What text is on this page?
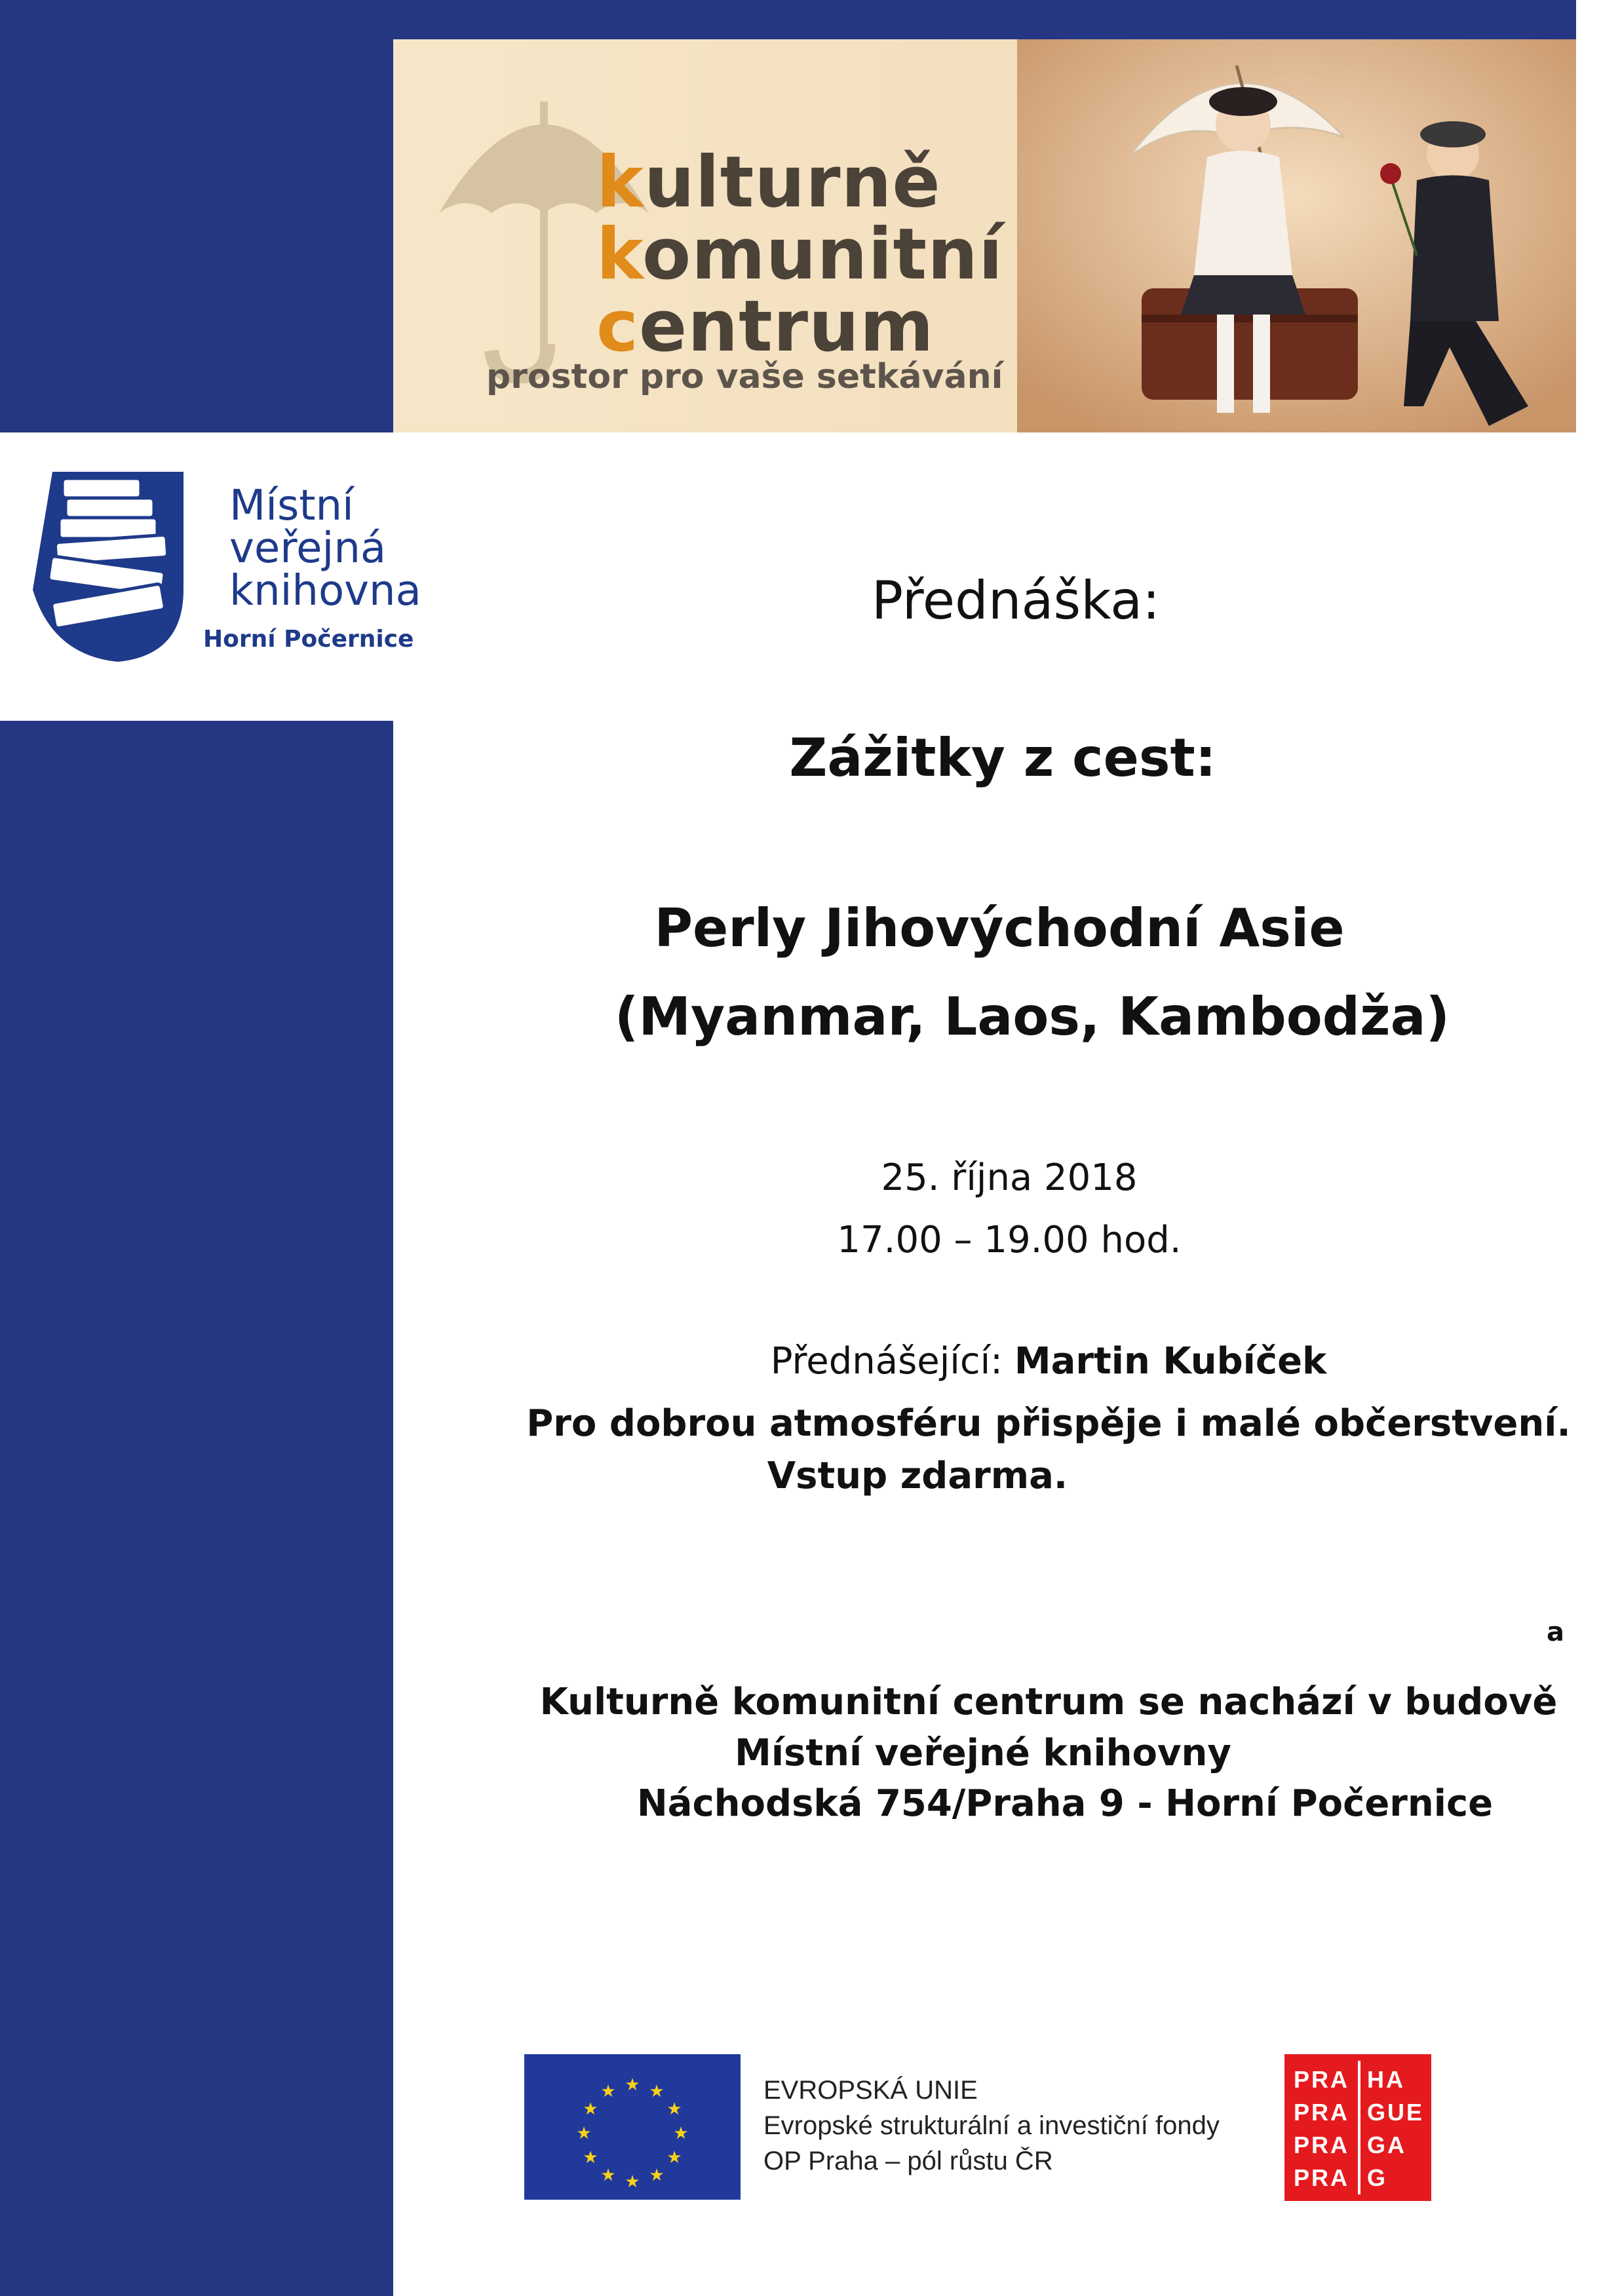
kulturně
komunitní
centrum
prostor pro vaše setkávání
Místní
veřejná
knihovna
Horní Počernice
Přednáška:
Zážitky z cest:
Perly Jihovýchodní Asie
(Myanmar, Laos, Kambodža)
25. října 2018
17.00 – 19.00 hod.
Přednášející: Martin Kubíček
Pro dobrou atmosféru přispěje i malé občerstvení.
Vstup zdarma.
a
Kulturně komunitní centrum se nachází v budově
Místní veřejné knihovny
Náchodská 754/Praha 9 - Horní Počernice
★ ★
★
★
★
★
★
★
★
★
★
★	EVROPSKÁ UNIE
Evropské strukturální a investiční fondy
OP Praha – pól růstu ČR
PRA
PRA
PRA
PRA
HA
GUE
GA
G
